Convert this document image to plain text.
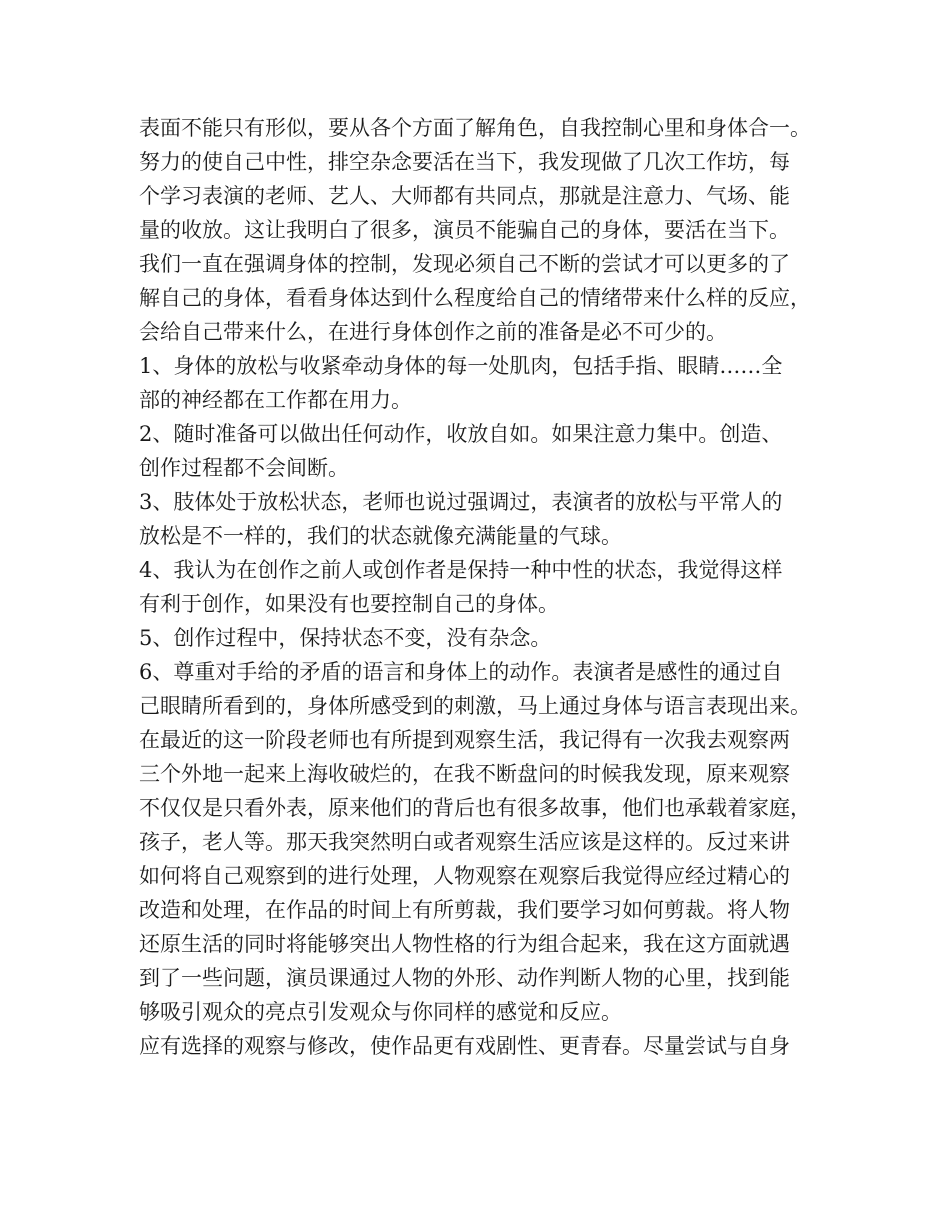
表面不能只有形似，要从各个方面了解角色，自我控制心里和身体合一。
努力的使自己中性，排空杂念要活在当下，我发现做了几次工作坊，每
个学习表演的老师、艺人、大师都有共同点，那就是注意力、气场、能
量的收放。这让我明白了很多，演员不能骗自己的身体，要活在当下。
我们一直在强调身体的控制，发现必须自己不断的尝试才可以更多的了
解自己的身体，看看身体达到什么程度给自己的情绪带来什么样的反应，
会给自己带来什么，在进行身体创作之前的准备是必不可少的。
1、身体的放松与收紧牵动身体的每一处肌肉，包括手指、眼睛……全
部的神经都在工作都在用力。
2、随时准备可以做出任何动作，收放自如。如果注意力集中。创造、
创作过程都不会间断。
3、肢体处于放松状态，老师也说过强调过，表演者的放松与平常人的
放松是不一样的，我们的状态就像充满能量的气球。
4、我认为在创作之前人或创作者是保持一种中性的状态，我觉得这样
有利于创作，如果没有也要控制自己的身体。
5、创作过程中，保持状态不变，没有杂念。
6、尊重对手给的矛盾的语言和身体上的动作。表演者是感性的通过自
己眼睛所看到的，身体所感受到的刺激，马上通过身体与语言表现出来。
在最近的这一阶段老师也有所提到观察生活，我记得有一次我去观察两
三个外地一起来上海收破烂的，在我不断盘问的时候我发现，原来观察
不仅仅是只看外表，原来他们的背后也有很多故事，他们也承载着家庭，
孩子，老人等。那天我突然明白或者观察生活应该是这样的。反过来讲
如何将自己观察到的进行处理，人物观察在观察后我觉得应经过精心的
改造和处理，在作品的时间上有所剪裁，我们要学习如何剪裁。将人物
还原生活的同时将能够突出人物性格的行为组合起来，我在这方面就遇
到了一些问题，演员课通过人物的外形、动作判断人物的心里，找到能
够吸引观众的亮点引发观众与你同样的感觉和反应。
应有选择的观察与修改，使作品更有戏剧性、更青春。尽量尝试与自身
